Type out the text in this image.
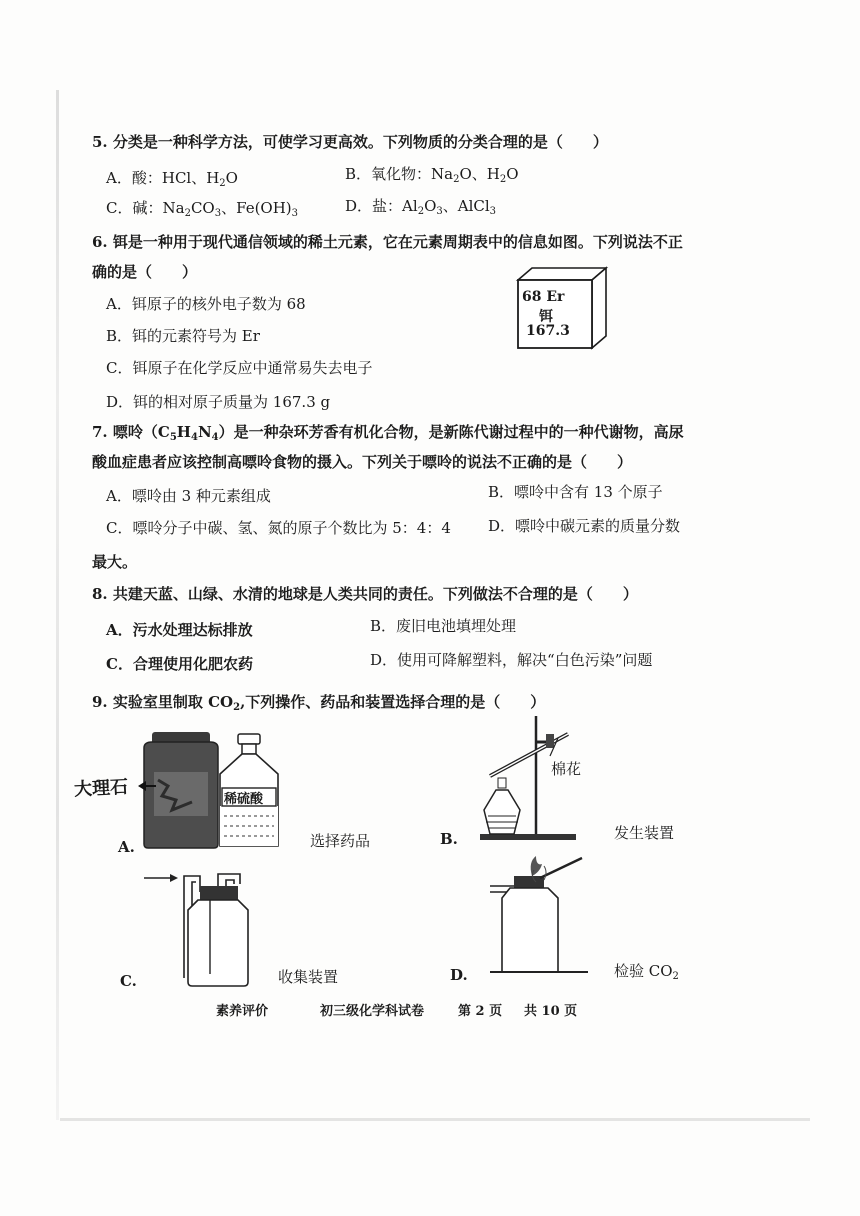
5. 分类是一种科学方法，可使学习更高效。下列物质的分类合理的是（　　）
A．酸：HCl、$H_2O$	B．氧化物：$Na_2O$、$H_2O$
C．碱：$Na_2CO_3$、$Fe(OH)_3$	D．盐：$Al_2O_3$、AlCl$_3$
6. 铒是一种用于现代通信领域的稀土元素，它在元素周期表中的信息如图。下列说法不正
确的是（　　）
A．铒原子的核外电子数为 68
B．铒的元素符号为 Er
C．铒原子在化学反应中通常易失去电子
D．铒的相对原子质量为 167.3 g
68 Er
铒
167.3
7. 嘌呤$(C_5H_4N_4)$是一种杂环芳香有机化合物，是新陈代谢过程中的一种代谢物，高尿
酸血症患者应该控制高嘌呤食物的摄入。下列关于嘌呤的说法不正确的是（　　）
A．嘌呤由 3 种元素组成	B．嘌呤中含有 13 个原子
C．嘌呤分子中碳、氢、氮的原子个数比为 5：4：4 D．嘌呤中碳元素的质量分数
最大。
8. 共建天蓝、山绿、水清的地球是人类共同的责任。下列做法不合理的是（　　）
A．污水处理达标排放	B．废旧电池填埋处理
C．合理使用化肥农药	D．使用可降解塑料，解决“白色污染”问题
9. 实验室里制取 $CO_2$,下列操作、药品和装置选择合理的是（　　）
大理石	稀硫酸
A.	选择药品
棉花
B.	发生装置
C.	收集装置	D.	检验 $CO_2$
素养评价	初三级化学科试卷	第 2 页 共 10 页
